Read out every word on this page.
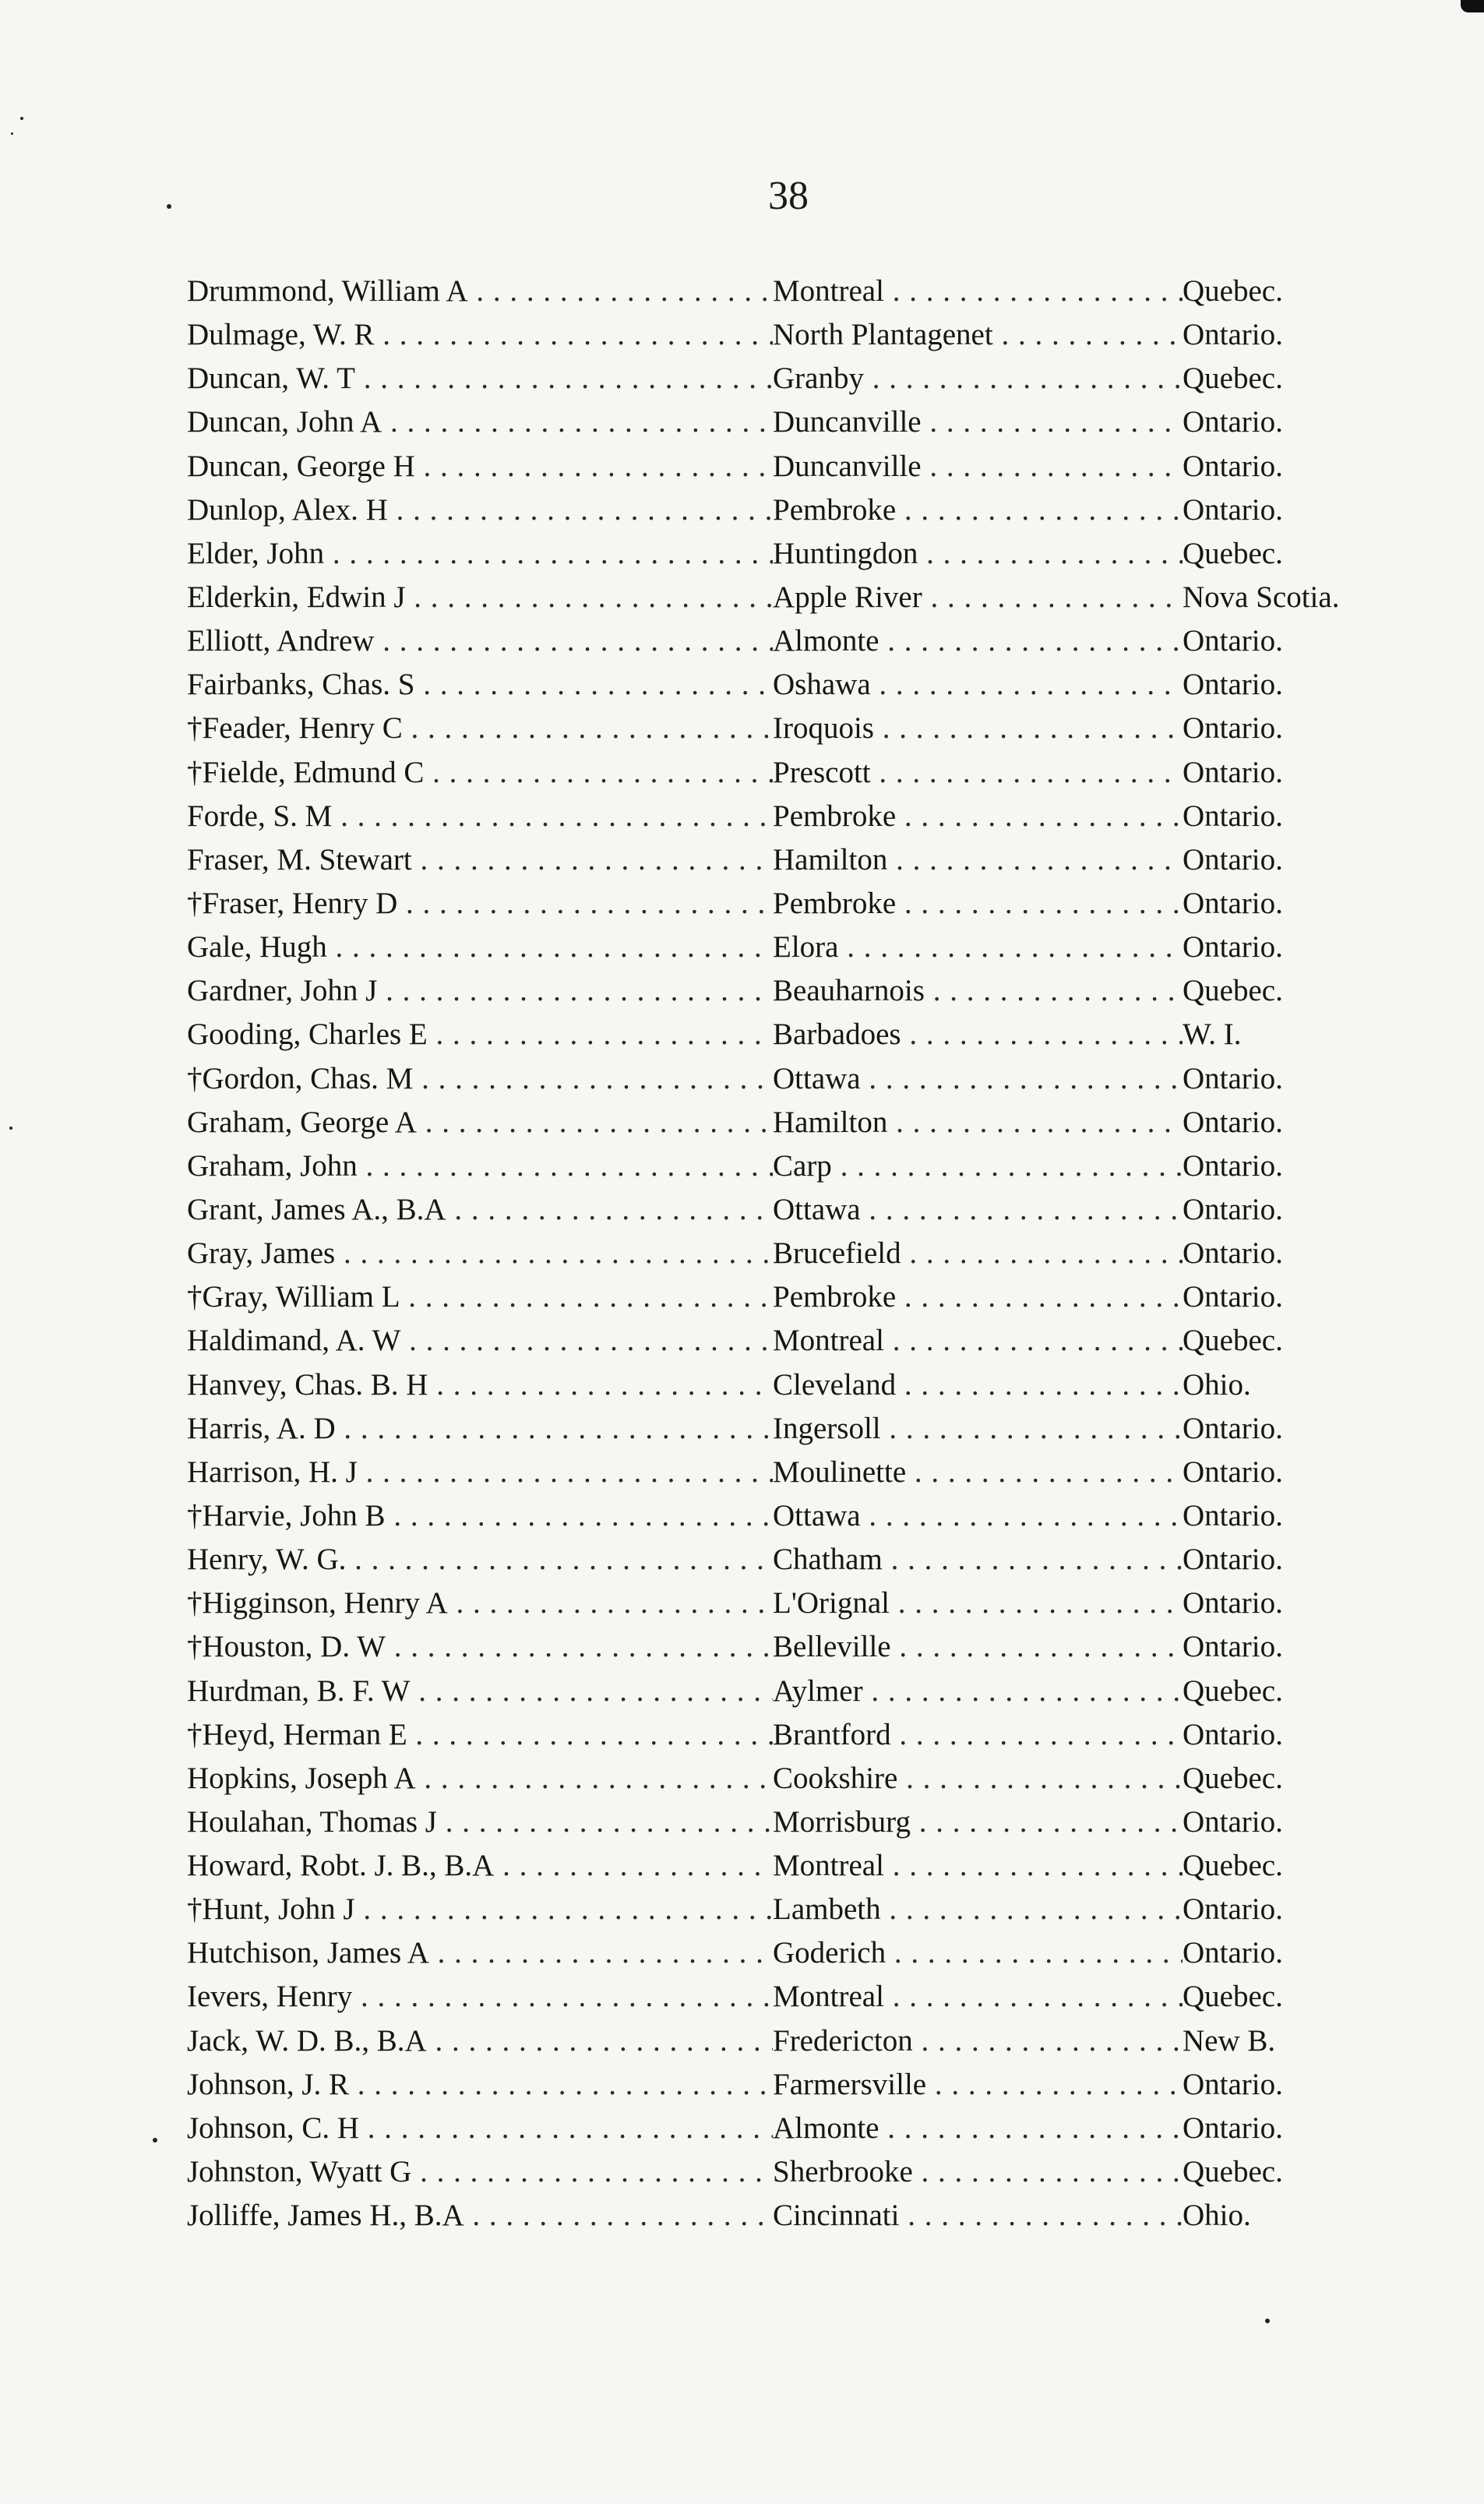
38
Drummond, William A . . .	Montreal . . .	Quebec.
Dulmage, W. R . . .	North Plantagenet . . .	Ontario.
Duncan, W. T . . .	Granby . . .	Quebec.
Duncan, John A . . .	Duncanville . . .	Ontario.
Duncan, George H . . .	Duncanville . . .	Ontario.
Dunlop, Alex. H . . .	Pembroke . . .	Ontario.
Elder, John . . .	Huntingdon . . .	Quebec.
Elderkin, Edwin J . . .	Apple River . . .	Nova Scotia.
Elliott, Andrew . . .	Almonte . . .	Ontario.
Fairbanks, Chas. S . . .	Oshawa . . .	Ontario.
†Feader, Henry C . . .	Iroquois . . .	Ontario.
†Fielde, Edmund C . . .	Prescott . . .	Ontario.
Forde, S. M . . .	Pembroke . . .	Ontario.
Fraser, M. Stewart . . .	Hamilton . . .	Ontario.
†Fraser, Henry D . . .	Pembroke . . .	Ontario.
Gale, Hugh . . .	Elora . . .	Ontario.
Gardner, John J . . .	Beauharnois . . .	Quebec.
Gooding, Charles E . . .	Barbadoes . . .	W. I.
†Gordon, Chas. M . . .	Ottawa . . .	Ontario.
Graham, George A . . .	Hamilton . . .	Ontario.
Graham, John . . .	Carp . . .	Ontario.
Grant, James A., B.A . . .	Ottawa . . .	Ontario.
Gray, James . . .	Brucefield . . .	Ontario.
†Gray, William L . . .	Pembroke . . .	Ontario.
Haldimand, A. W . . .	Montreal . . .	Quebec.
Hanvey, Chas. B. H . . .	Cleveland . . .	Ohio.
Harris, A. D . . .	Ingersoll . . .	Ontario.
Harrison, H. J . . .	Moulinette . . .	Ontario.
†Harvie, John B . . .	Ottawa . . .	Ontario.
Henry, W. G. . . .	Chatham . . .	Ontario.
†Higginson, Henry A . . .	L'Orignal . . .	Ontario.
†Houston, D. W . . .	Belleville . . .	Ontario.
Hurdman, B. F. W . . .	Aylmer . . .	Quebec.
†Heyd, Herman E . . .	Brantford . . .	Ontario.
Hopkins, Joseph A . . .	Cookshire . . .	Quebec.
Houlahan, Thomas J . . .	Morrisburg . . .	Ontario.
Howard, Robt. J. B., B.A . . .	Montreal . . .	Quebec.
†Hunt, John J . . .	Lambeth . . .	Ontario.
Hutchison, James A . . .	Goderich . . .	Ontario.
Ievers, Henry . . .	Montreal . . .	Quebec.
Jack, W. D. B., B.A . . .	Fredericton . . .	New B.
Johnson, J. R . . .	Farmersville . . .	Ontario.
Johnson, C. H . . .	Almonte . . .	Ontario.
Johnston, Wyatt G . . .	Sherbrooke . . .	Quebec.
Jolliffe, James H., B.A . . .	Cincinnati . . .	Ohio.
